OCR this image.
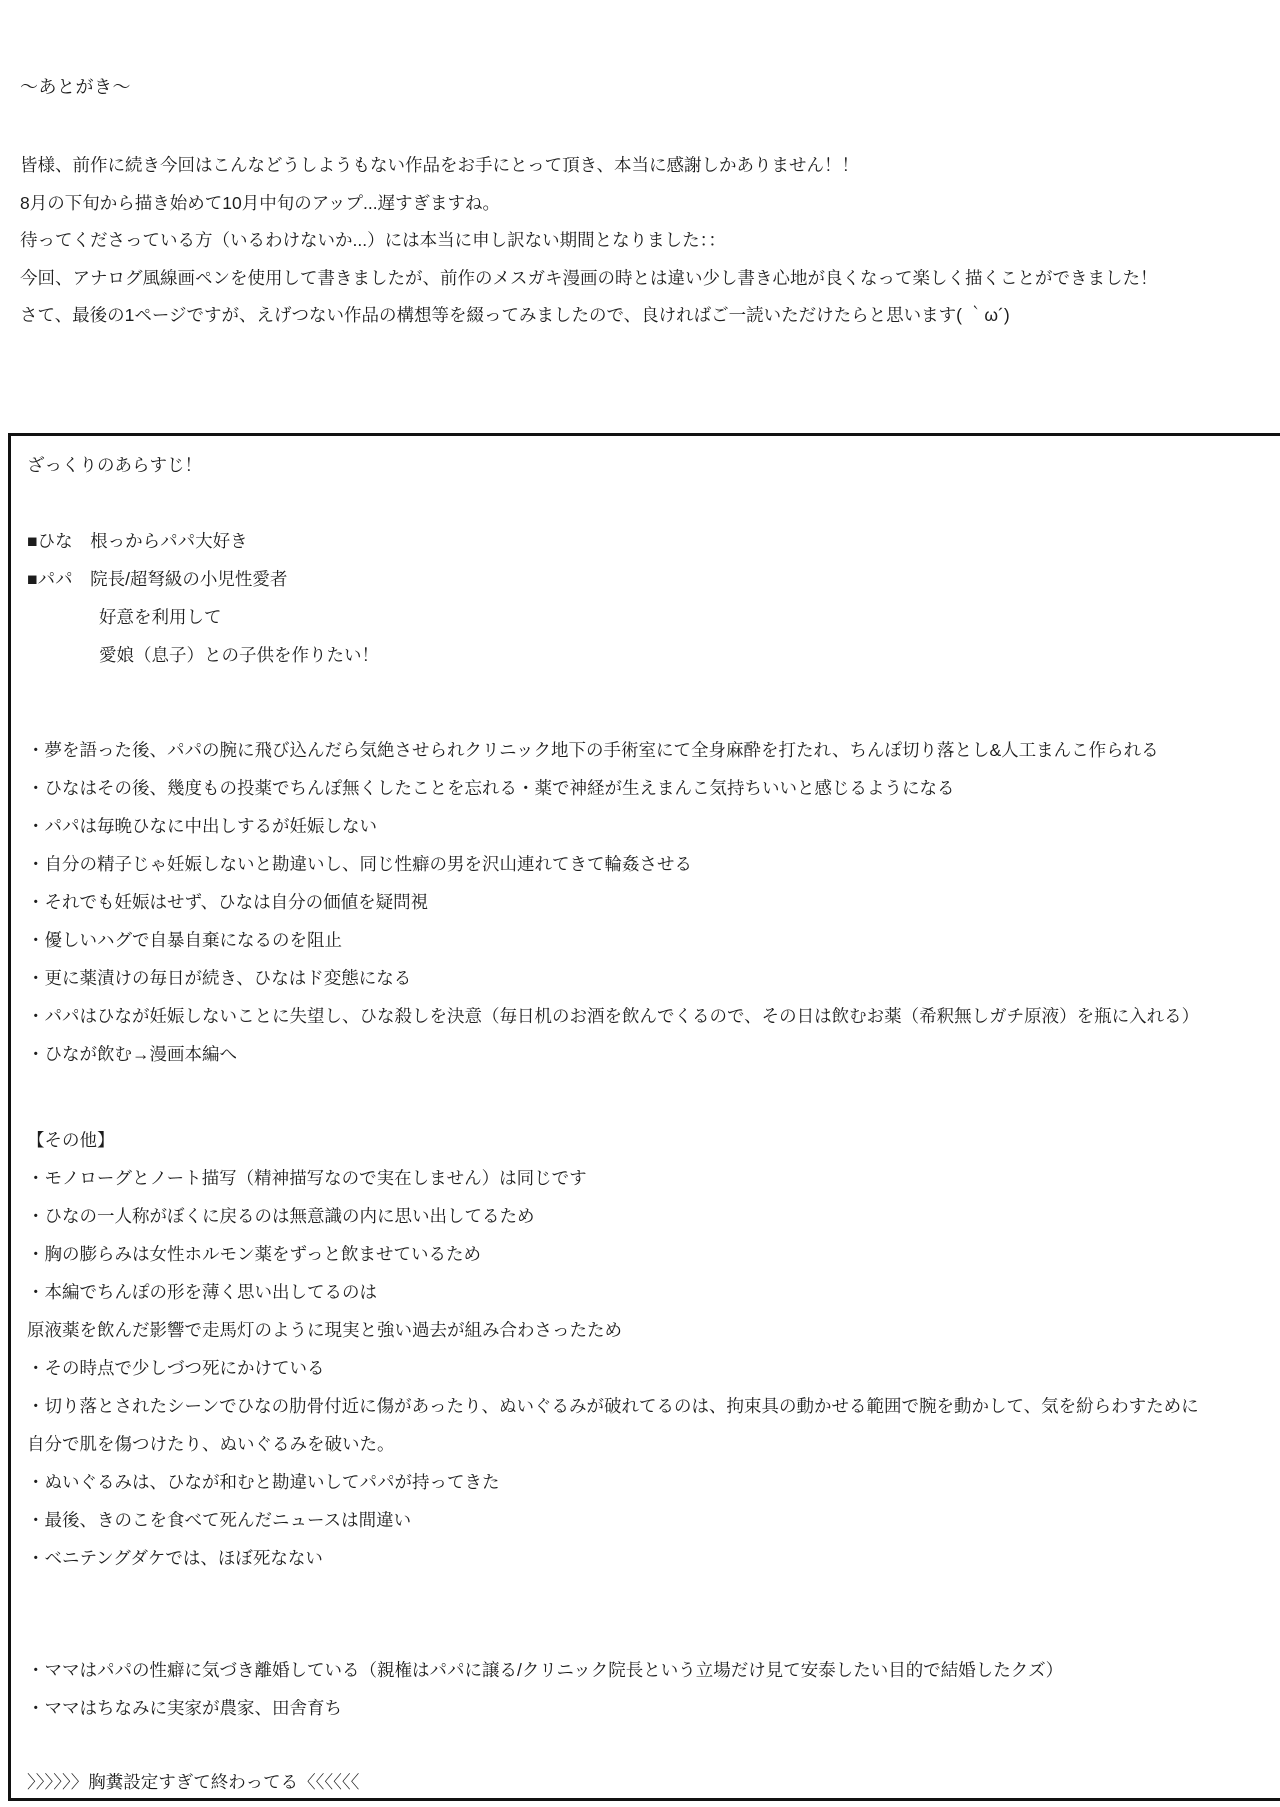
〜あとがき〜

皆様、前作に続き今回はこんなどうしようもない作品をお手にとって頂き、本当に感謝しかありません！！

8月の下旬から描き始めて10月中旬のアップ...遅すぎますね。

待ってくださっている方（いるわけないか...）には本当に申し訳ない期間となりました：：

今回、アナログ風線画ペンを使用して書きましたが、前作のメスガキ漫画の時とは違い少し書き心地が良くなって楽しく描くことができました！

さて、最後の1ページですが、えげつない作品の構想等を綴ってみましたので、良ければご一読いただけたらと思います( ｀ω´)

ざっくりのあらすじ！

■ひな　根っからパパ大好き

■パパ　院長/超弩級の小児性愛者

好意を利用して

愛娘（息子）との子供を作りたい！

・夢を語った後、パパの腕に飛び込んだら気絶させられクリニック地下の手術室にて全身麻酔を打たれ、ちんぽ切り落とし&人工まんこ作られる

・ひなはその後、幾度もの投薬でちんぽ無くしたことを忘れる・薬で神経が生えまんこ気持ちいいと感じるようになる

・パパは毎晩ひなに中出しするが妊娠しない

・自分の精子じゃ妊娠しないと勘違いし、同じ性癖の男を沢山連れてきて輪姦させる

・それでも妊娠はせず、ひなは自分の価値を疑問視

・優しいハグで自暴自棄になるのを阻止

・更に薬漬けの毎日が続き、ひなはド変態になる

・パパはひなが妊娠しないことに失望し、ひな殺しを決意（毎日机のお酒を飲んでくるので、その日は飲むお薬（希釈無しガチ原液）を瓶に入れる）

・ひなが飲む→漫画本編へ

【その他】

・モノローグとノート描写（精神描写なので実在しません）は同じです

・ひなの一人称がぼくに戻るのは無意識の内に思い出してるため

・胸の膨らみは女性ホルモン薬をずっと飲ませているため

・本編でちんぽの形を薄く思い出してるのは

原液薬を飲んだ影響で走馬灯のように現実と強い過去が組み合わさったため

・その時点で少しづつ死にかけている

・切り落とされたシーンでひなの肋骨付近に傷があったり、ぬいぐるみが破れてるのは、拘束具の動かせる範囲で腕を動かして、気を紛らわすために

自分で肌を傷つけたり、ぬいぐるみを破いた。

・ぬいぐるみは、ひなが和むと勘違いしてパパが持ってきた

・最後、きのこを食べて死んだニュースは間違い

・ベニテングダケでは、ほぼ死なない

・ママはパパの性癖に気づき離婚している（親権はパパに譲る/クリニック院長という立場だけ見て安泰したい目的で結婚したクズ）

・ママはちなみに実家が農家、田舎育ち

〉〉〉〉〉〉胸糞設定すぎて終わってる〈〈〈〈〈〈
